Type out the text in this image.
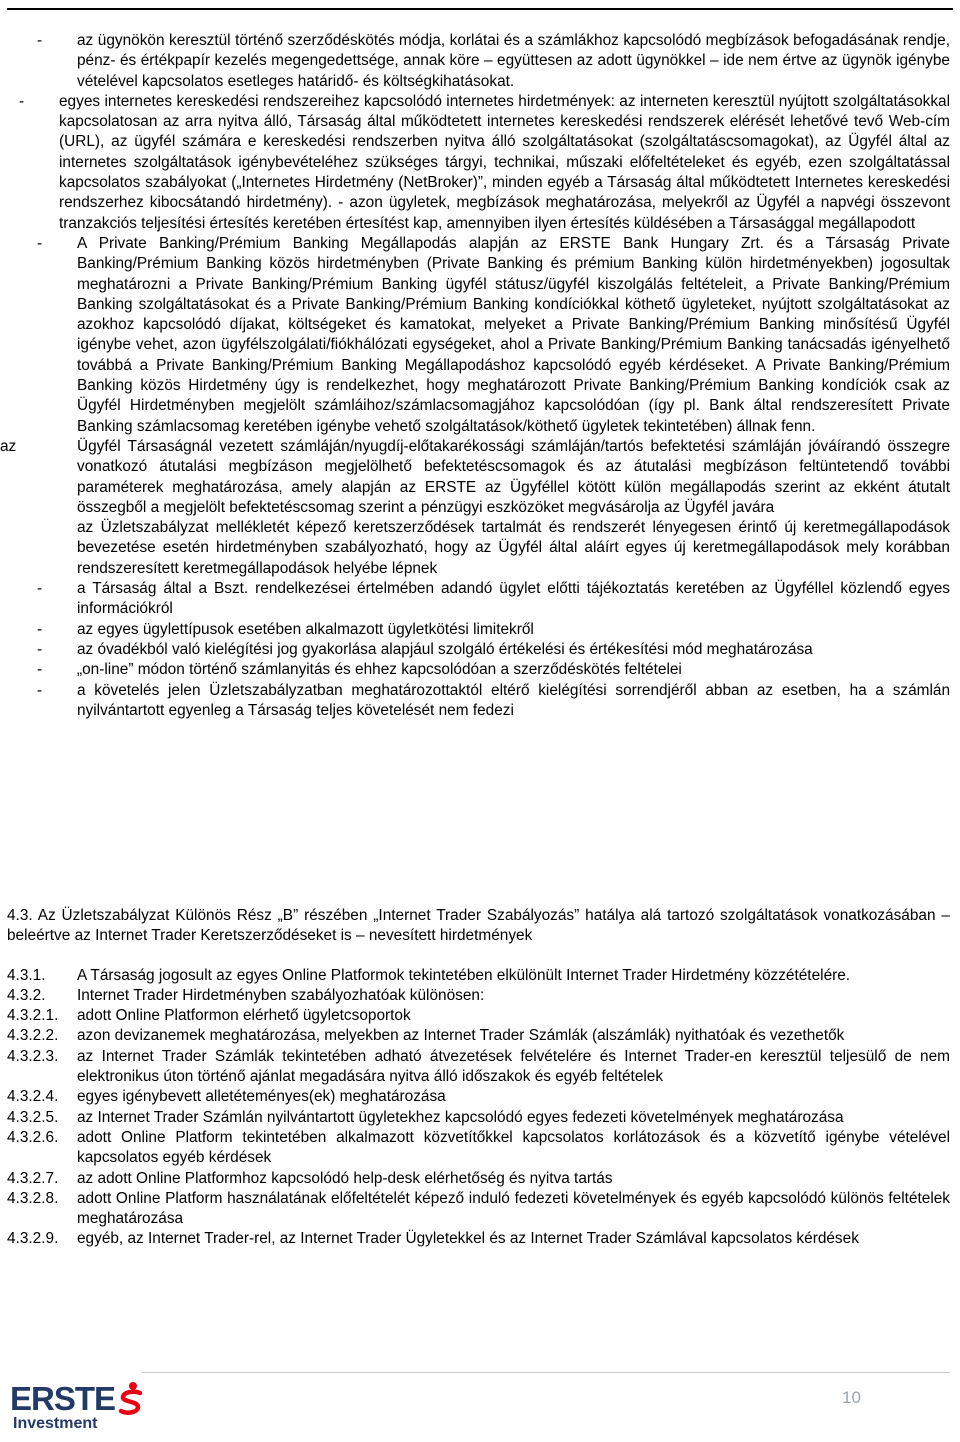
- az ügynökön keresztül történő szerződéskötés módja, korlátai és a számlákhoz kapcsolódó megbízások befogadásának rendje, pénz- és értékpapír kezelés megengedettsége, annak köre – együttesen az adott ügynökkel – ide nem értve az ügynök igénybe vételével kapcsolatos esetleges határidő- és költségkihatásokat.
- egyes internetes kereskedési rendszereihez kapcsolódó internetes hirdetmények: az interneten keresztül nyújtott szolgáltatásokkal kapcsolatosan az arra nyitva álló, Társaság által működtetett internetes kereskedési rendszerek elérését lehetővé tevő Web-cím (URL), az ügyfél számára e kereskedési rendszerben nyitva álló szolgáltatásokat (szolgáltatáscsomagokat), az Ügyfél által az internetes szolgáltatások igénybevételéhez szükséges tárgyi, technikai, műszaki előfeltételeket és egyéb, ezen szolgáltatással kapcsolatos szabályokat („Internetes Hirdetmény (NetBroker)”, minden egyéb a Társaság által működtetett Internetes kereskedési rendszerhez kibocsátandó hirdetmény). - azon ügyletek, megbízások meghatározása, melyekről az Ügyfél a napvégi összevont tranzakciós teljesítési értesítés keretében értesítést kap, amennyiben ilyen értesítés küldésében a Társasággal megállapodott
- A Private Banking/Prémium Banking Megállapodás alapján az ERSTE Bank Hungary Zrt. és a Társaság Private Banking/Prémium Banking közös hirdetményben (Private Banking és prémium Banking külön hirdetményekben) jogosultak meghatározni a Private Banking/Prémium Banking ügyfél státusz/ügyfél kiszolgálás feltételeit, a Private Banking/Prémium Banking szolgáltatásokat és a Private Banking/Prémium Banking kondíciókkal köthető ügyleteket, nyújtott szolgáltatásokat az azokhoz kapcsolódó díjakat, költségeket és kamatokat, melyeket a Private Banking/Prémium Banking minősítésű Ügyfél igénybe vehet, azon ügyfélszolgálati/fiókhálózati egységeket, ahol a Private Banking/Prémium Banking tanácsadás igényelhető továbbá a Private Banking/Prémium Banking Megállapodáshoz kapcsolódó egyéb kérdéseket. A Private Banking/Prémium Banking közös Hirdetmény úgy is rendelkezhet, hogy meghatározott Private Banking/Prémium Banking kondíciók csak az Ügyfél Hirdetményben megjelölt számláihoz/számlacsomagjához kapcsolódóan (így pl. Bank által rendszeresített Private Banking számlacsomag keretében igénybe vehető szolgáltatások/köthető ügyletek tekintetében) állnak fenn.
az	Ügyfél Társaságnál vezetett számláján/nyugdíj-előtakarékossági számláján/tartós befektetési számláján jóváírandó összegre vonatkozó átutalási megbízáson megjelölhető befektetéscsomagok és az átutalási megbízáson feltüntetendő további paraméterek meghatározása, amely alapján az ERSTE az Ügyféllel kötött külön megállapodás szerint az ekként átutalt összegből a megjelölt befektetéscsomag szerint a pénzügyi eszközöket megvásárolja az Ügyfél javára
az Üzletszabályzat mellékletét képező keretszerződések tartalmát és rendszerét lényegesen érintő új keretmegállapodások bevezetése esetén hirdetményben szabályozható, hogy az Ügyfél által aláírt egyes új keretmegállapodások mely korábban rendszeresített keretmegállapodások helyébe lépnek
- a Társaság által a Bszt. rendelkezései értelmében adandó ügylet előtti tájékoztatás keretében az Ügyféllel közlendő egyes információkról
- az egyes ügylettípusok esetében alkalmazott ügyletkötési limitekről
- az óvadékból való kielégítési jog gyakorlása alapjául szolgáló értékelési és értékesítési mód meghatározása
- „on-line” módon történő számlanyitás és ehhez kapcsolódóan a szerződéskötés feltételei
- a követelés jelen Üzletszabályzatban meghatározottaktól eltérő kielégítési sorrendjéről abban az esetben, ha a számlán nyilvántartott egyenleg a Társaság teljes követelését nem fedezi
4.3. Az Üzletszabályzat Különös Rész „B” részében „Internet Trader Szabályozás” hatálya alá tartozó szolgáltatások vonatkozásában – beleértve az Internet Trader Keretszerződéseket is – nevesített hirdetmények
4.3.1. A Társaság jogosult az egyes Online Platformok tekintetében elkülönült Internet Trader Hirdetmény közzétételére.
4.3.2. Internet Trader Hirdetményben szabályozhatóak különösen:
4.3.2.1. adott Online Platformon elérhető ügyletcsoportok
4.3.2.2. azon devizanemek meghatározása, melyekben az Internet Trader Számlák (alszámlák) nyithatóak és vezethetők
4.3.2.3. az Internet Trader Számlák tekintetében adható átvezetések felvételére és Internet Trader-en keresztül teljesülő de nem elektronikus úton történő ajánlat megadására nyitva álló időszakok és egyéb feltételek
4.3.2.4. egyes igénybevett alletéteményes(ek) meghatározása
4.3.2.5. az Internet Trader Számlán nyilvántartott ügyletekhez kapcsolódó egyes fedezeti követelmények meghatározása
4.3.2.6. adott Online Platform tekintetében alkalmazott közvetítőkkel kapcsolatos korlátozások és a közvetítő igénybe vételével kapcsolatos egyéb kérdések
4.3.2.7. az adott Online Platformhoz kapcsolódó help-desk elérhetőség és nyitva tartás
4.3.2.8. adott Online Platform használatának előfeltételét képező induló fedezeti követelmények és egyéb kapcsolódó különös feltételek meghatározása
4.3.2.9. egyéb, az Internet Trader-rel, az Internet Trader Ügyletekkel és az Internet Trader Számlával kapcsolatos kérdések
ERSTE
Investment
10
